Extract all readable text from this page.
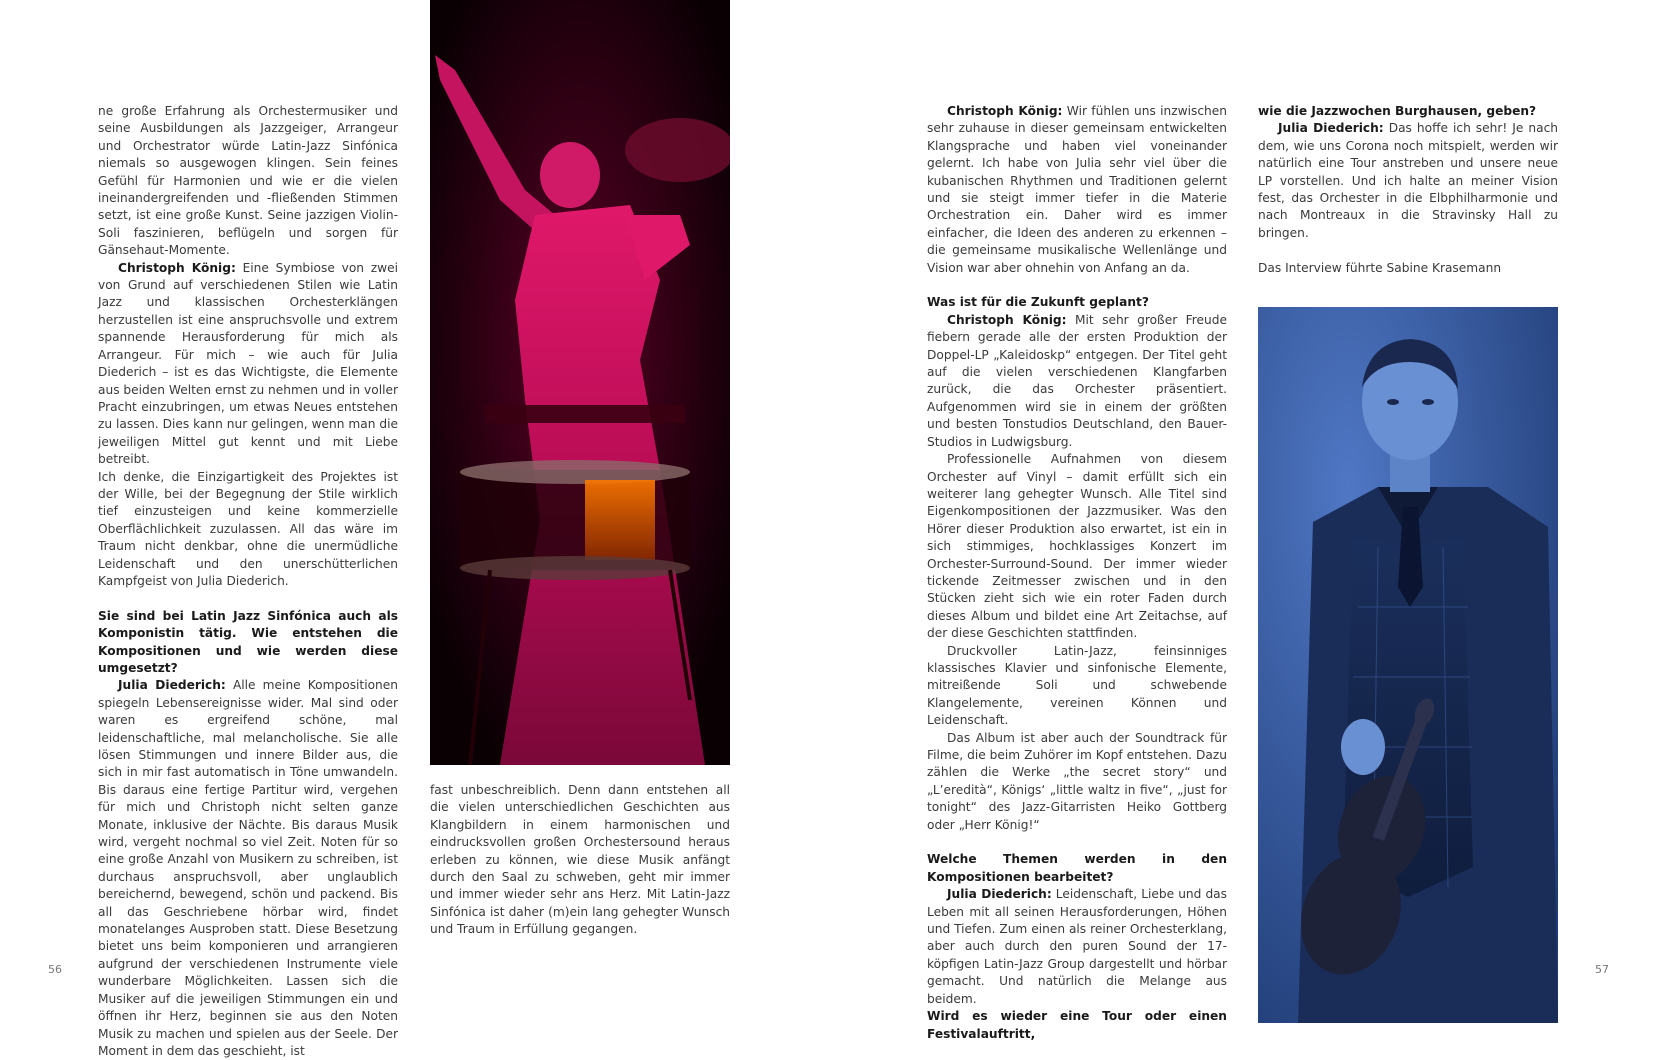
ne große Erfahrung als Orchestermusiker und seine Ausbildungen als Jazzgeiger, Arrangeur und Orchestrator würde Latin-Jazz Sinfónica niemals so ausgewogen klingen. Sein feines Gefühl für Harmonien und wie er die vielen ineinandergreifenden und -fließenden Stimmen setzt, ist eine große Kunst. Seine jazzigen Violin-Soli faszinieren, beflügeln und sorgen für Gänsehaut-Momente.

Christoph König: Eine Symbiose von zwei von Grund auf verschiedenen Stilen wie Latin Jazz und klassischen Orchesterklängen herzustellen ist eine anspruchsvolle und extrem spannende Herausforderung für mich als Arrangeur. Für mich – wie auch für Julia Diederich – ist es das Wichtigste, die Elemente aus beiden Welten ernst zu nehmen und in voller Pracht einzubringen, um etwas Neues entstehen zu lassen. Dies kann nur gelingen, wenn man die jeweiligen Mittel gut kennt und mit Liebe betreibt.

Ich denke, die Einzigartigkeit des Projektes ist der Wille, bei der Begegnung der Stile wirklich tief einzusteigen und keine kommerzielle Oberflächlichkeit zuzulassen. All das wäre im Traum nicht denkbar, ohne die unermüdliche Leidenschaft und den unerschütterlichen Kampfgeist von Julia Diederich.

Sie sind bei Latin Jazz Sinfónica auch als Komponistin tätig. Wie entstehen die Kompositionen und wie werden diese umgesetzt?

Julia Diederich: Alle meine Kompositionen spiegeln Lebensereignisse wider. Mal sind oder waren es ergreifend schöne, mal leidenschaftliche, mal melancholische. Sie alle lösen Stimmungen und innere Bilder aus, die sich in mir fast automatisch in Töne umwandeln. Bis daraus eine fertige Partitur wird, vergehen für mich und Christoph nicht selten ganze Monate, inklusive der Nächte. Bis daraus Musik wird, vergeht nochmal so viel Zeit. Noten für so eine große Anzahl von Musikern zu schreiben, ist durchaus anspruchsvoll, aber unglaublich bereichernd, bewegend, schön und packend. Bis all das Geschriebene hörbar wird, findet monatelanges Ausproben statt. Diese Besetzung bietet uns beim komponieren und arrangieren aufgrund der verschiedenen Instrumente viele wunderbare Möglichkeiten. Lassen sich die Musiker auf die jeweiligen Stimmungen ein und öffnen ihr Herz, beginnen sie aus den Noten Musik zu machen und spielen aus der Seele. Der Moment in dem das geschieht, ist

fast unbeschreiblich. Denn dann entstehen all die vielen unterschiedlichen Geschichten aus Klangbildern in einem harmonischen und eindrucksvollen großen Orchestersound heraus erleben zu können, wie diese Musik anfängt durch den Saal zu schweben, geht mir immer und immer wieder sehr ans Herz. Mit Latin-Jazz Sinfónica ist daher (m)ein lang gehegter Wunsch und Traum in Erfüllung gegangen.

56

Christoph König: Wir fühlen uns inzwischen sehr zuhause in dieser gemeinsam entwickelten Klangsprache und haben viel voneinander gelernt. Ich habe von Julia sehr viel über die kubanischen Rhythmen und Traditionen gelernt und sie steigt immer tiefer in die Materie Orchestration ein. Daher wird es immer einfacher, die Ideen des anderen zu erkennen – die gemeinsame musikalische Wellenlänge und Vision war aber ohnehin von Anfang an da.

Was ist für die Zukunft geplant?

Christoph König: Mit sehr großer Freude fiebern gerade alle der ersten Produktion der Doppel-LP „Kaleidoskp“ entgegen. Der Titel geht auf die vielen verschiedenen Klangfarben zurück, die das Orchester präsentiert. Aufgenommen wird sie in einem der größten und besten Tonstudios Deutschland, den Bauer-Studios in Ludwigsburg.

Professionelle Aufnahmen von diesem Orchester auf Vinyl – damit erfüllt sich ein weiterer lang gehegter Wunsch. Alle Titel sind Eigenkompositionen der Jazzmusiker. Was den Hörer dieser Produktion also erwartet, ist ein in sich stimmiges, hochklassiges Konzert im Orchester-Surround-Sound. Der immer wieder tickende Zeitmesser zwischen und in den Stücken zieht sich wie ein roter Faden durch dieses Album und bildet eine Art Zeitachse, auf der diese Geschichten stattfinden.

Druckvoller Latin-Jazz, feinsinniges klassisches Klavier und sinfonische Elemente, mitreißende Soli und schwebende Klangelemente, vereinen Können und Leidenschaft.

Das Album ist aber auch der Soundtrack für Filme, die beim Zuhörer im Kopf entstehen. Dazu zählen die Werke „the secret story“ und „L’eredità“, Königs‘ „little waltz in five“, „just for tonight“ des Jazz-Gitarristen Heiko Gottberg oder „Herr König!“

Welche Themen werden in den Kompositionen bearbeitet?

Julia Diederich: Leidenschaft, Liebe und das Leben mit all seinen Herausforderungen, Höhen und Tiefen. Zum einen als reiner Orchesterklang, aber auch durch den puren Sound der 17-köpfigen Latin-Jazz Group dargestellt und hörbar gemacht. Und natürlich die Melange aus beidem.

Wird es wieder eine Tour oder einen Festivalauftritt,

wie die Jazzwochen Burghausen, geben?

Julia Diederich: Das hoffe ich sehr! Je nach dem, wie uns Corona noch mitspielt, werden wir natürlich eine Tour anstreben und unsere neue LP vorstellen. Und ich halte an meiner Vision fest, das Orchester in die Elbphilharmonie und nach Montreaux in die Stravinsky Hall zu bringen.

Das Interview führte Sabine Krasemann

57
